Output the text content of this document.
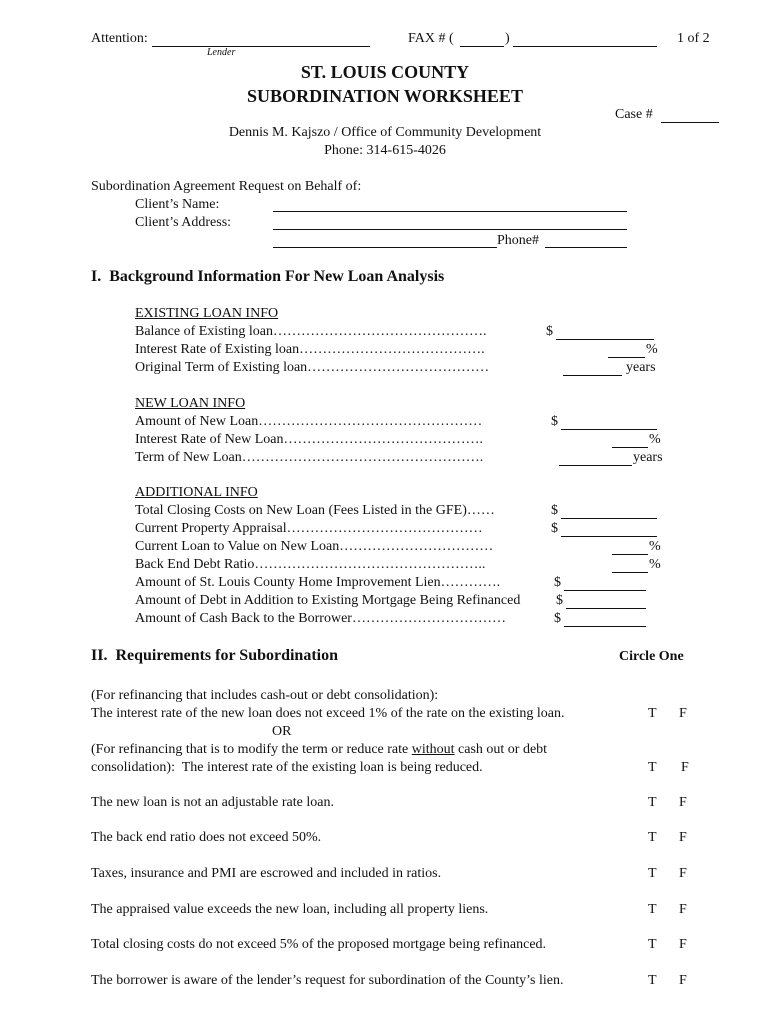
Attention:
Lender
FAX # (	)	1 of 2
ST. LOUIS COUNTY
SUBORDINATION WORKSHEET
Case #
Dennis M. Kajszo / Office of Community Development
Phone: 314-615-4026
Subordination Agreement Request on Behalf of:
Client’s Name:
Client’s Address:
Phone#
I.  Background Information For New Loan Analysis
EXISTING LOAN INFO
Balance of Existing loan……………………………………….	$
Interest Rate of Existing loan………………………………….	%
Original Term of Existing loan…………………………………	years
NEW LOAN INFO
Amount of New Loan…………………………………………	$
Interest Rate of New Loan…………………………………….	%
Term of New Loan…………………………………………….	years
ADDITIONAL INFO
Total Closing Costs on New Loan (Fees Listed in the GFE)……	$
Current Property Appraisal……………………………………	$
Current Loan to Value on New Loan……………………………	%
Back End Debt Ratio…………………………………………..	%
Amount of St. Louis County Home Improvement Lien………….	$
Amount of Debt in Addition to Existing Mortgage Being Refinanced	$
Amount of Cash Back to the Borrower……………………………	$
II.  Requirements for Subordination	Circle One
(For refinancing that includes cash-out or debt consolidation):
The interest rate of the new loan does not exceed 1% of the rate on the existing loan.	T F
OR
(For refinancing that is to modify the term or reduce rate without cash out or debt
consolidation):  The interest rate of the existing loan is being reduced.	T F
The new loan is not an adjustable rate loan.	T F
The back end ratio does not exceed 50%.	T F
Taxes, insurance and PMI are escrowed and included in ratios.	T F
The appraised value exceeds the new loan, including all property liens.	T F
Total closing costs do not exceed 5% of the proposed mortgage being refinanced.	T F
The borrower is aware of the lender’s request for subordination of the County’s lien.	T F
